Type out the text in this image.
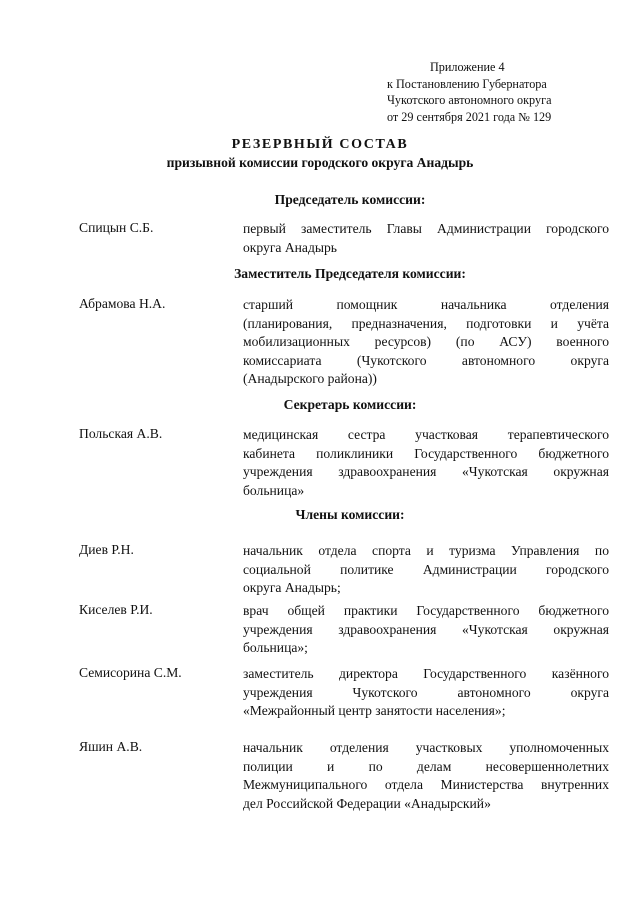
Приложение 4
к Постановлению Губернатора
Чукотского автономного округа
от 29 сентября 2021 года № 129
РЕЗЕРВНЫЙ СОСТАВ
призывной комиссии городского округа Анадырь
Председатель комиссии:
Спицын С.Б.	первый заместитель Главы Администрации городского
округа Анадырь
Заместитель Председателя комиссии:
Абрамова Н.А.	старший помощник начальника отделения
(планирования, предназначения, подготовки и учёта
мобилизационных ресурсов) (по АСУ) военного
комиссариата (Чукотского автономного округа
(Анадырского района))
Секретарь комиссии:
Польская А.В.	медицинская сестра участковая терапевтического
кабинета поликлиники Государственного бюджетного
учреждения здравоохранения «Чукотская окружная
больница»
Члены комиссии:
Диев Р.Н.	начальник отдела спорта и туризма Управления по
социальной политике Администрации городского
округа Анадырь;
Киселев Р.И.	врач общей практики Государственного бюджетного
учреждения здравоохранения «Чукотская окружная
больница»;
Семисорина С.М.	заместитель директора Государственного казённого
учреждения Чукотского автономного округа
«Межрайонный центр занятости населения»;
Яшин А.В.	начальник отделения участковых уполномоченных
полиции и по делам несовершеннолетних
Межмуниципального отдела Министерства внутренних
дел Российской Федерации «Анадырский»
